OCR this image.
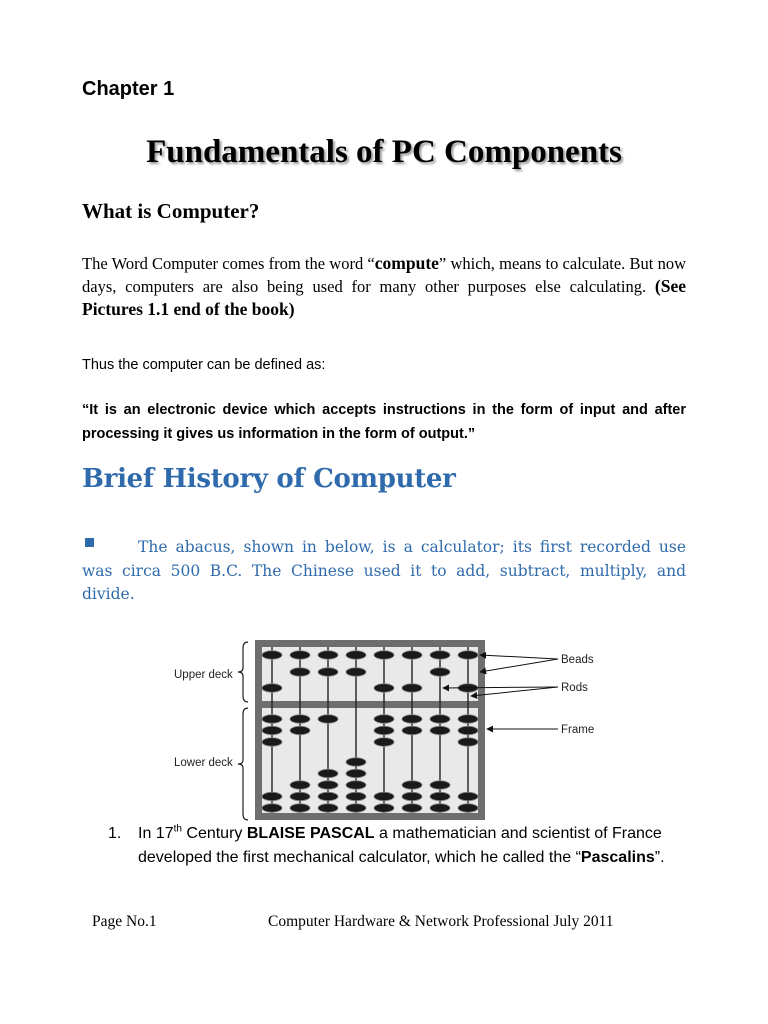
Chapter 1
Fundamentals of PC Components
What is Computer?
The Word Computer comes from the word “compute” which, means to calculate. But now days, computers are also being used for many other purposes else calculating. (See Pictures 1.1 end of the book)
Thus the computer can be defined as:
“It is an electronic device which accepts instructions in the form of input and after processing it gives us information in the form of output.”
Brief History of Computer
The abacus, shown in below, is a calculator; its first recorded use was circa 500 B.C. The Chinese used it to add, subtract, multiply, and divide.
Upper deck
Lower deck
Beads
Rods
Frame
1. In 17th Century BLAISE PASCAL a mathematician and scientist of France developed the first mechanical calculator, which he called the “Pascalins”.
Page No.1	Computer Hardware & Network Professional July 2011
